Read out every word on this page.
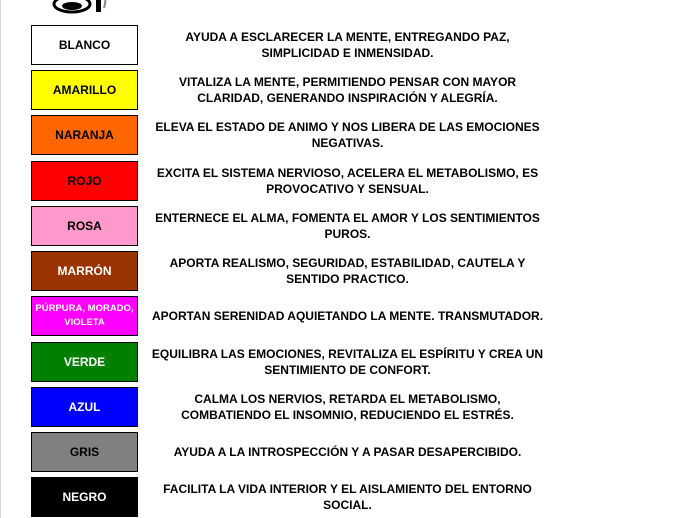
BLANCO
AYUDA A ESCLARECER LA MENTE, ENTREGANDO PAZ, SIMPLICIDAD E INMENSIDAD.
AMARILLO
VITALIZA LA MENTE, PERMITIENDO PENSAR CON MAYOR CLARIDAD, GENERANDO INSPIRACIÓN Y ALEGRÍA.
NARANJA
ELEVA EL ESTADO DE ANIMO Y NOS LIBERA DE LAS EMOCIONES NEGATIVAS.
ROJO
EXCITA EL SISTEMA NERVIOSO, ACELERA EL METABOLISMO, ES PROVOCATIVO Y SENSUAL.
ROSA
ENTERNECE EL ALMA, FOMENTA EL AMOR Y LOS SENTIMIENTOS PUROS.
MARRÓN
APORTA REALISMO, SEGURIDAD, ESTABILIDAD, CAUTELA Y SENTIDO PRACTICO.
PÚRPURA, MORADO, VIOLETA	APORTAN SERENIDAD AQUIETANDO LA MENTE. TRANSMUTADOR.
VERDE
EQUILIBRA LAS EMOCIONES, REVITALIZA EL ESPÍRITU Y CREA UN SENTIMIENTO DE CONFORT.
AZUL
CALMA LOS NERVIOS, RETARDA EL METABOLISMO, COMBATIENDO EL INSOMNIO, REDUCIENDO EL ESTRÉS.
GRIS	AYUDA A LA INTROSPECCIÓN Y A PASAR DESAPERCIBIDO.
NEGRO
FACILITA LA VIDA INTERIOR Y EL AISLAMIENTO DEL ENTORNO SOCIAL.
